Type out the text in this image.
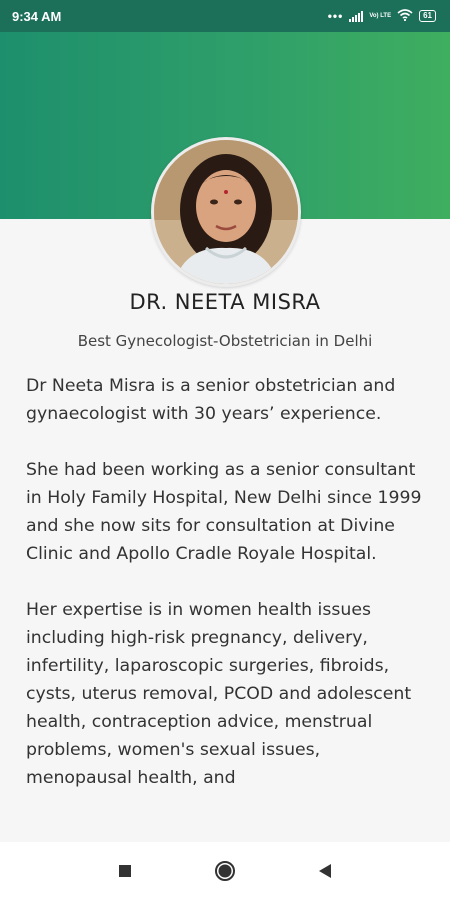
9:34 AM	•••	Vo) LTE	61
DR. NEETA MISRA
Best Gynecologist-Obstetrician in Delhi

Dr Neeta Misra is a senior obstetrician and gynaecologist with 30 years’ experience.

She had been working as a senior consultant in Holy Family Hospital, New Delhi since 1999 and she now sits for consultation at Divine Clinic and Apollo Cradle Royale Hospital.

Her expertise is in women health issues including high-risk pregnancy, delivery, infertility, laparoscopic surgeries, fibroids, cysts, uterus removal, PCOD and adolescent health, contraception advice, menstrual problems, women's sexual issues, menopausal health, and
